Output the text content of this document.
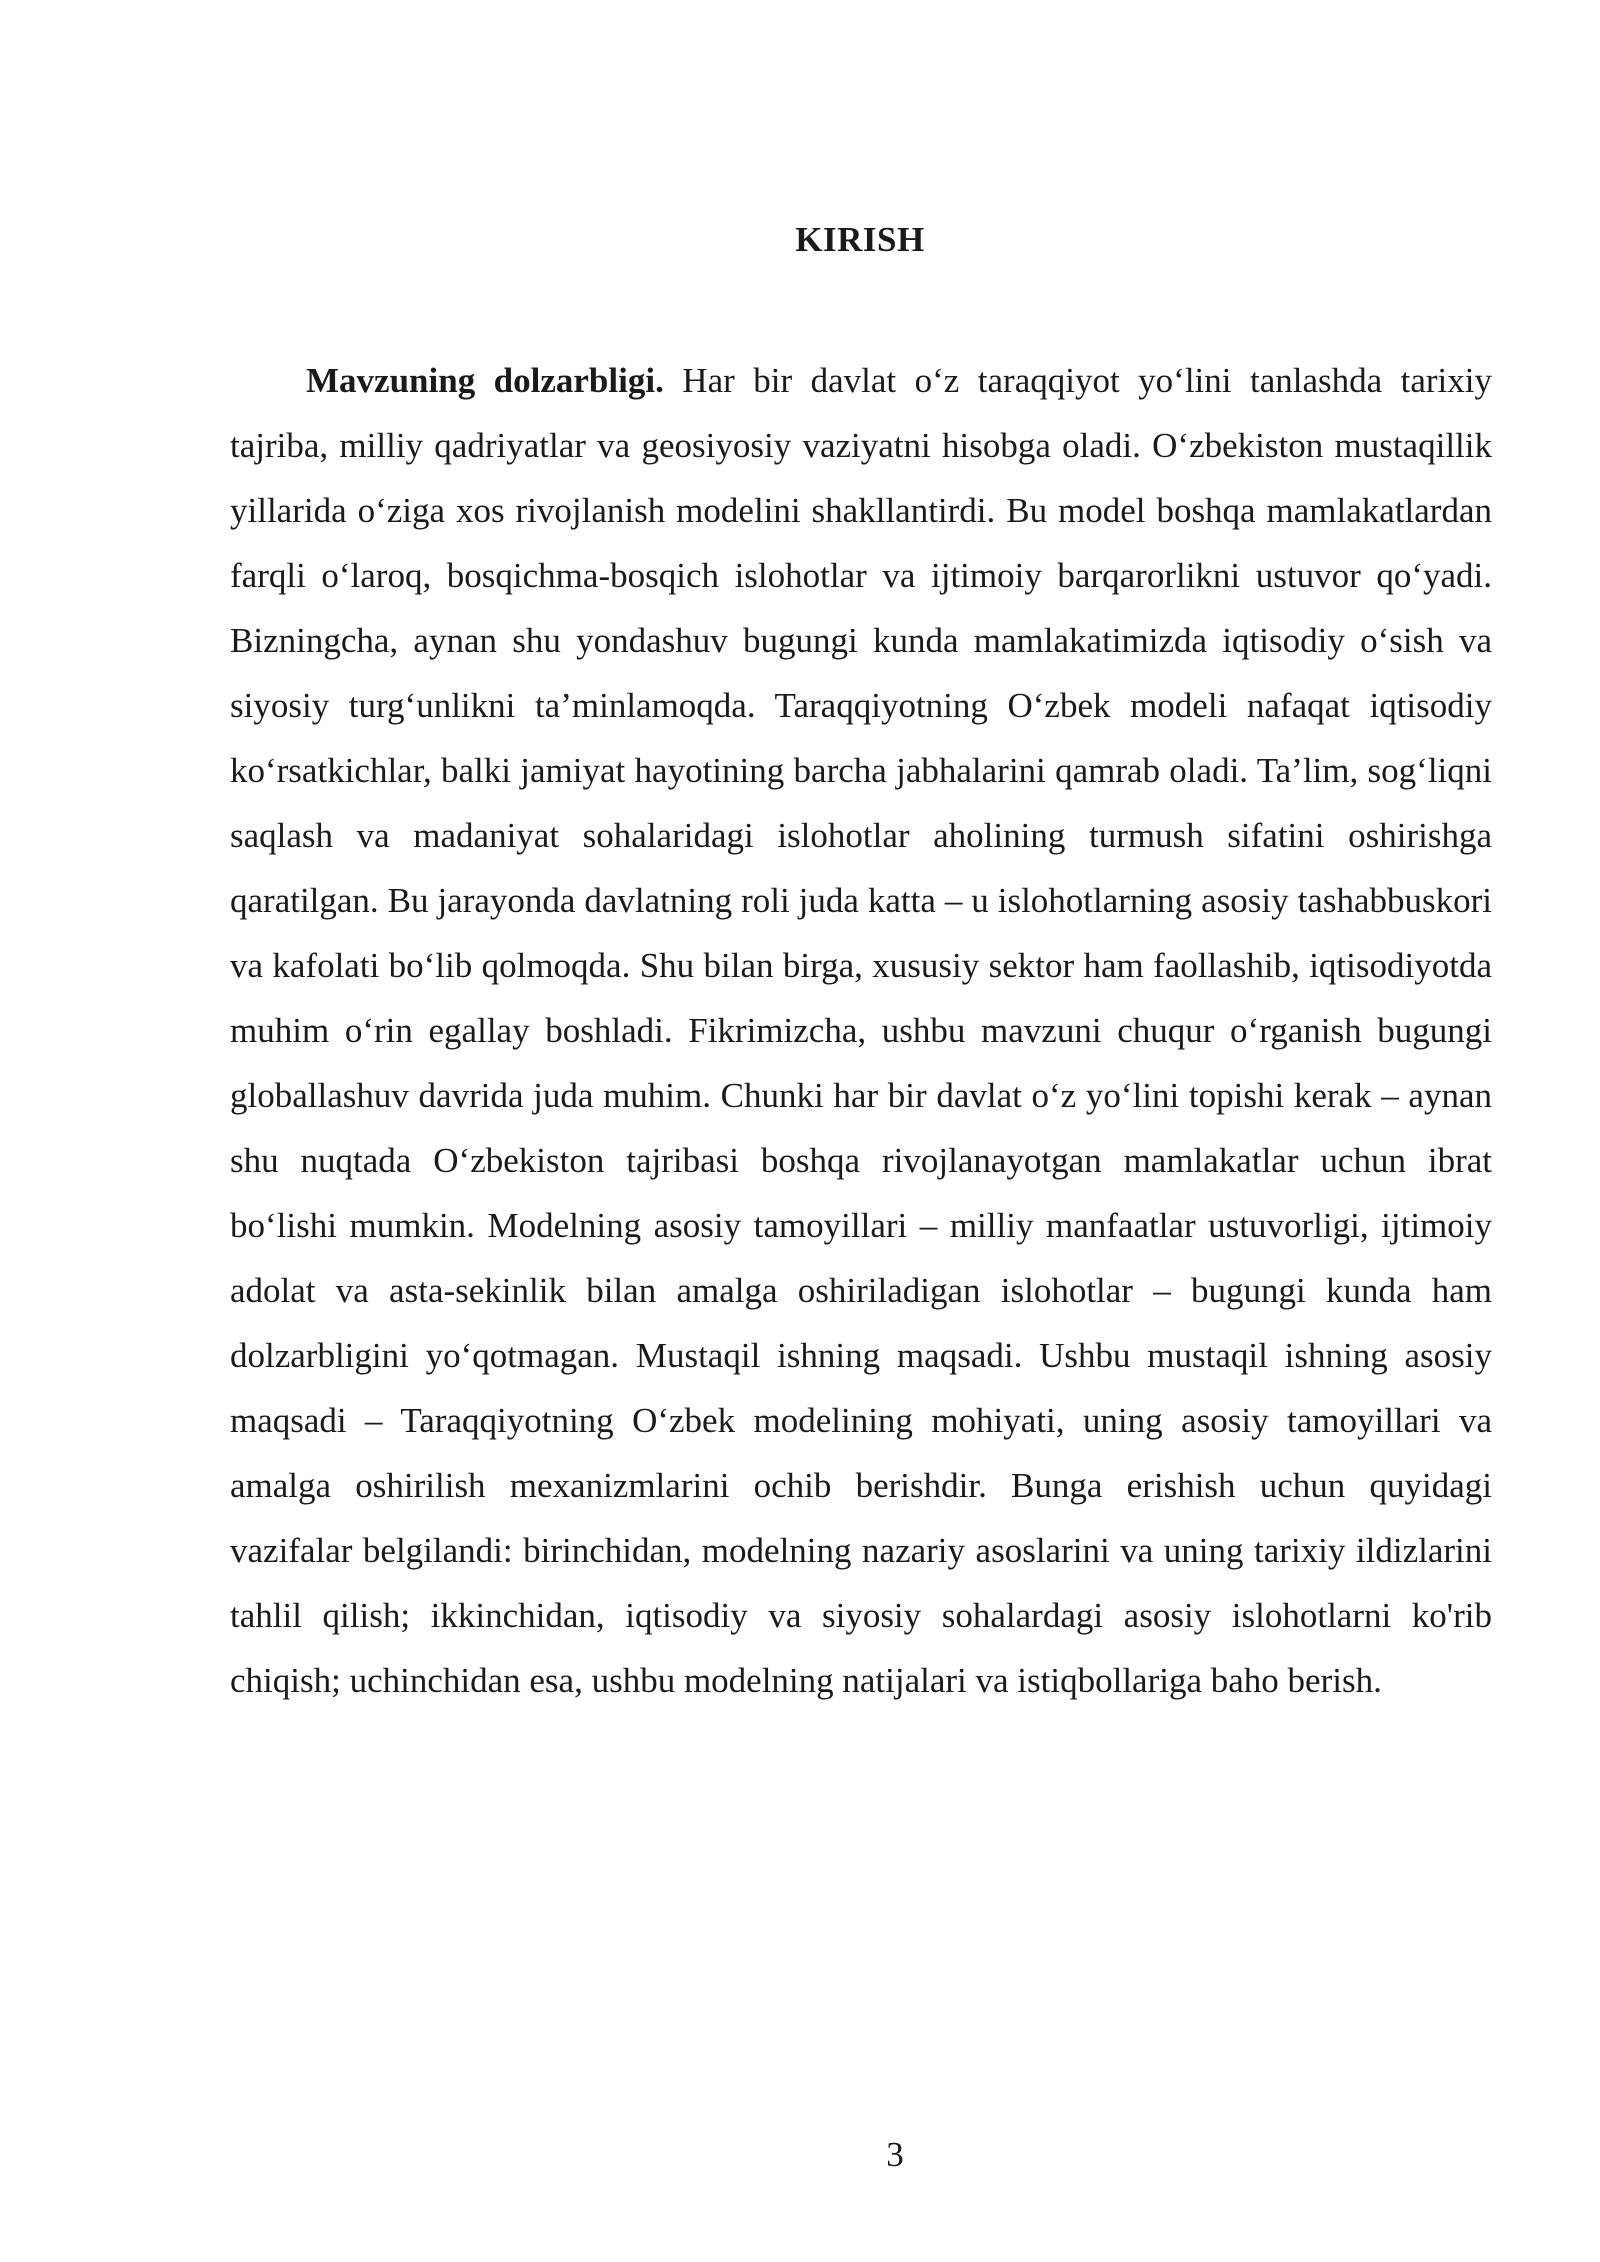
KIRISH

Mavzuning dolzarbligi. Har bir davlat o‘z taraqqiyot yo‘lini tanlashda tarixiy tajriba, milliy qadriyatlar va geosiyosiy vaziyatni hisobga oladi. O‘zbekiston mustaqillik yillarida o‘ziga xos rivojlanish modelini shakllantirdi. Bu model boshqa mamlakatlardan farqli o‘laroq, bosqichma-bosqich islohotlar va ijtimoiy barqarorlikni ustuvor qo‘yadi. Bizningcha, aynan shu yondashuv bugungi kunda mamlakatimizda iqtisodiy o‘sish va siyosiy turg‘unlikni ta’minlamoqda. Taraqqiyotning O‘zbek modeli nafaqat iqtisodiy ko‘rsatkichlar, balki jamiyat hayotining barcha jabhalarini qamrab oladi. Ta’lim, sog‘liqni saqlash va madaniyat sohalaridagi islohotlar aholining turmush sifatini oshirishga qaratilgan. Bu jarayonda davlatning roli juda katta – u islohotlarning asosiy tashabbuskori va kafolati bo‘lib qolmoqda. Shu bilan birga, xususiy sektor ham faollashib, iqtisodiyotda muhim o‘rin egallay boshladi. Fikrimizcha, ushbu mavzuni chuqur o‘rganish bugungi globallashuv davrida juda muhim. Chunki har bir davlat o‘z yo‘lini topishi kerak – aynan shu nuqtada O‘zbekiston tajribasi boshqa rivojlanayotgan mamlakatlar uchun ibrat bo‘lishi mumkin. Modelning asosiy tamoyillari – milliy manfaatlar ustuvorligi, ijtimoiy adolat va asta-sekinlik bilan amalga oshiriladigan islohotlar – bugungi kunda ham dolzarbligini yo‘qotmagan. Mustaqil ishning maqsadi. Ushbu mustaqil ishning asosiy maqsadi – Taraqqiyotning O‘zbek modelining mohiyati, uning asosiy tamoyillari va amalga oshirilish mexanizmlarini ochib berishdir. Bunga erishish uchun quyidagi vazifalar belgilandi: birinchidan, modelning nazariy asoslarini va uning tarixiy ildizlarini tahlil qilish; ikkinchidan, iqtisodiy va siyosiy sohalardagi asosiy islohotlarni ko'rib chiqish; uchinchidan esa, ushbu modelning natijalari va istiqbollariga baho berish.

3
